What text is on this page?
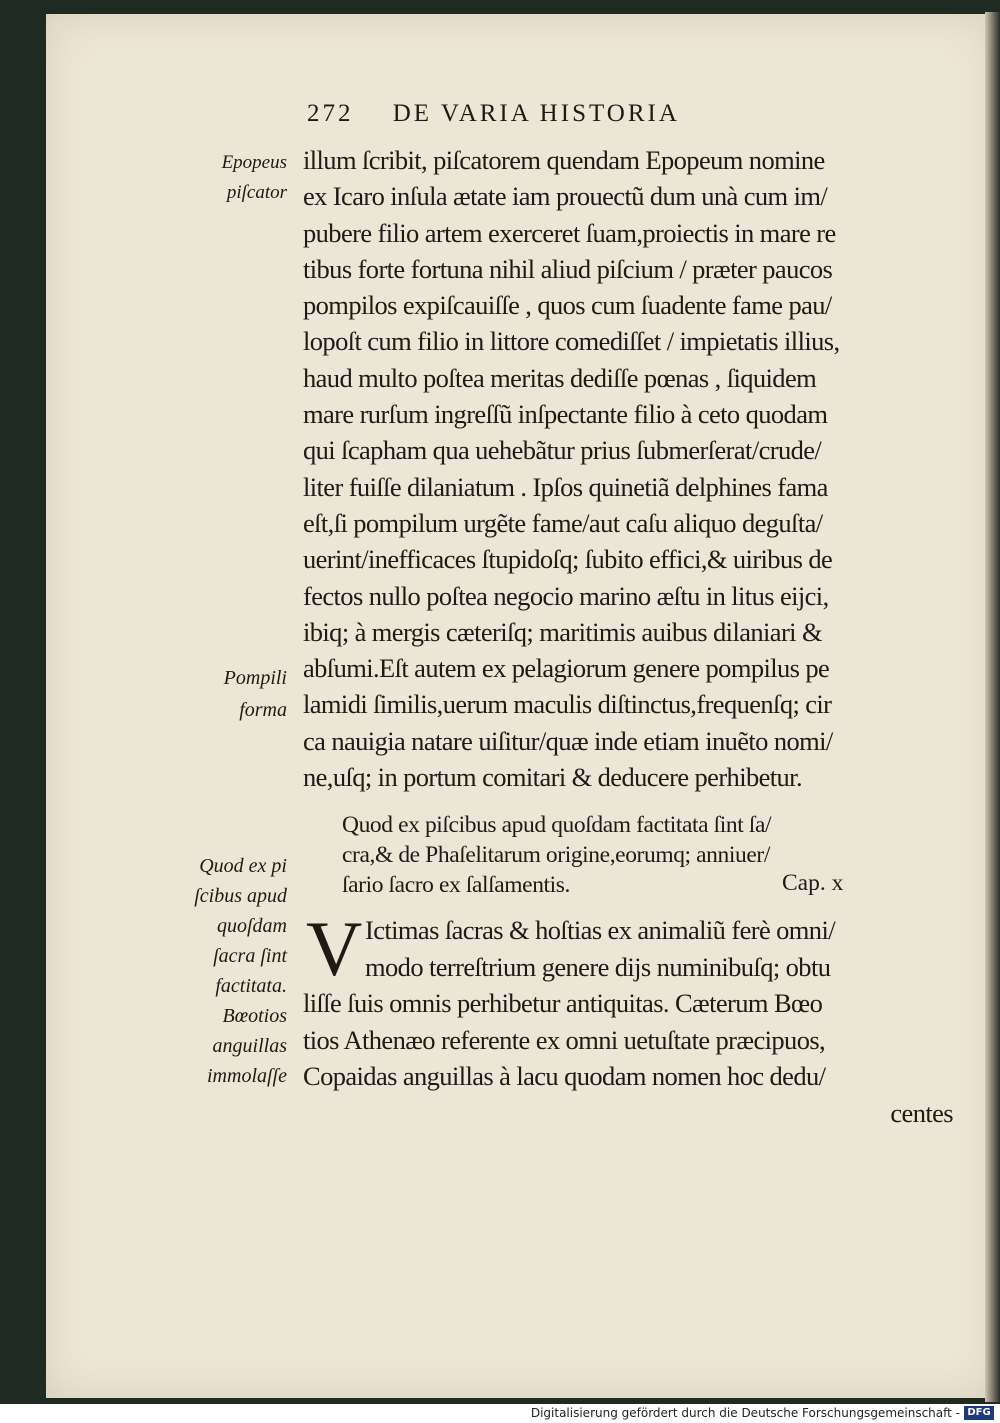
272 DE VARIA HISTORIA
Epopeus
piſcator
Pompili
forma
Quod ex pi
ſcibus apud
quoſdam
ſacra ſint
factitata.
Bœotios
anguillas
immolaſſe
illum ſcribit, piſcatorem quendam Epopeum nomine
ex Icaro inſula ætate iam prouectũ dum unà cum im/
pubere filio artem exerceret ſuam,proiectis in mare re
tibus forte fortuna nihil aliud piſcium / præter paucos
pompilos expiſcauiſſe , quos cum ſuadente fame pau/
lopoſt cum filio in littore comediſſet / impietatis illius,
haud multo poſtea meritas dediſſe pœnas , ſiquidem
mare rurſum ingreſſũ inſpectante filio à ceto quodam
qui ſcapham qua uehebãtur prius ſubmerſerat/crude/
liter fuiſſe dilaniatum . Ipſos quinetiã delphines fama
eſt,ſi pompilum urgẽte fame/aut caſu aliquo deguſta/
uerint/inefficaces ſtupidoſq; ſubito effici,& uiribus de
fectos nullo poſtea negocio marino æſtu in litus eijci,
ibiq; à mergis cæteriſq; maritimis auibus dilaniari &
abſumi.Eſt autem ex pelagiorum genere pompilus pe
lamidi ſimilis,uerum maculis diſtinctus,frequenſq; cir
ca nauigia natare uiſitur/quæ inde etiam inuẽto nomi/
ne,uſq; in portum comitari & deducere perhibetur.
Quod ex piſcibus apud quoſdam factitata ſint ſa/
cra,& de Phaſelitarum origine,eorumq; anniuer/
ſario ſacro ex ſalſamentis.	Cap. x
V Ictimas ſacras & hoſtias ex animaliũ ferè omni/
modo terreſtrium genere dijs numinibuſq; obtu
liſſe ſuis omnis perhibetur antiquitas. Cæterum Bœo
tios Athenæo referente ex omni uetuſtate præcipuos,
Copaidas anguillas à lacu quodam nomen hoc dedu/
centes
Digitalisierung gefördert durch die Deutsche Forschungsgemeinschaft - DFG
